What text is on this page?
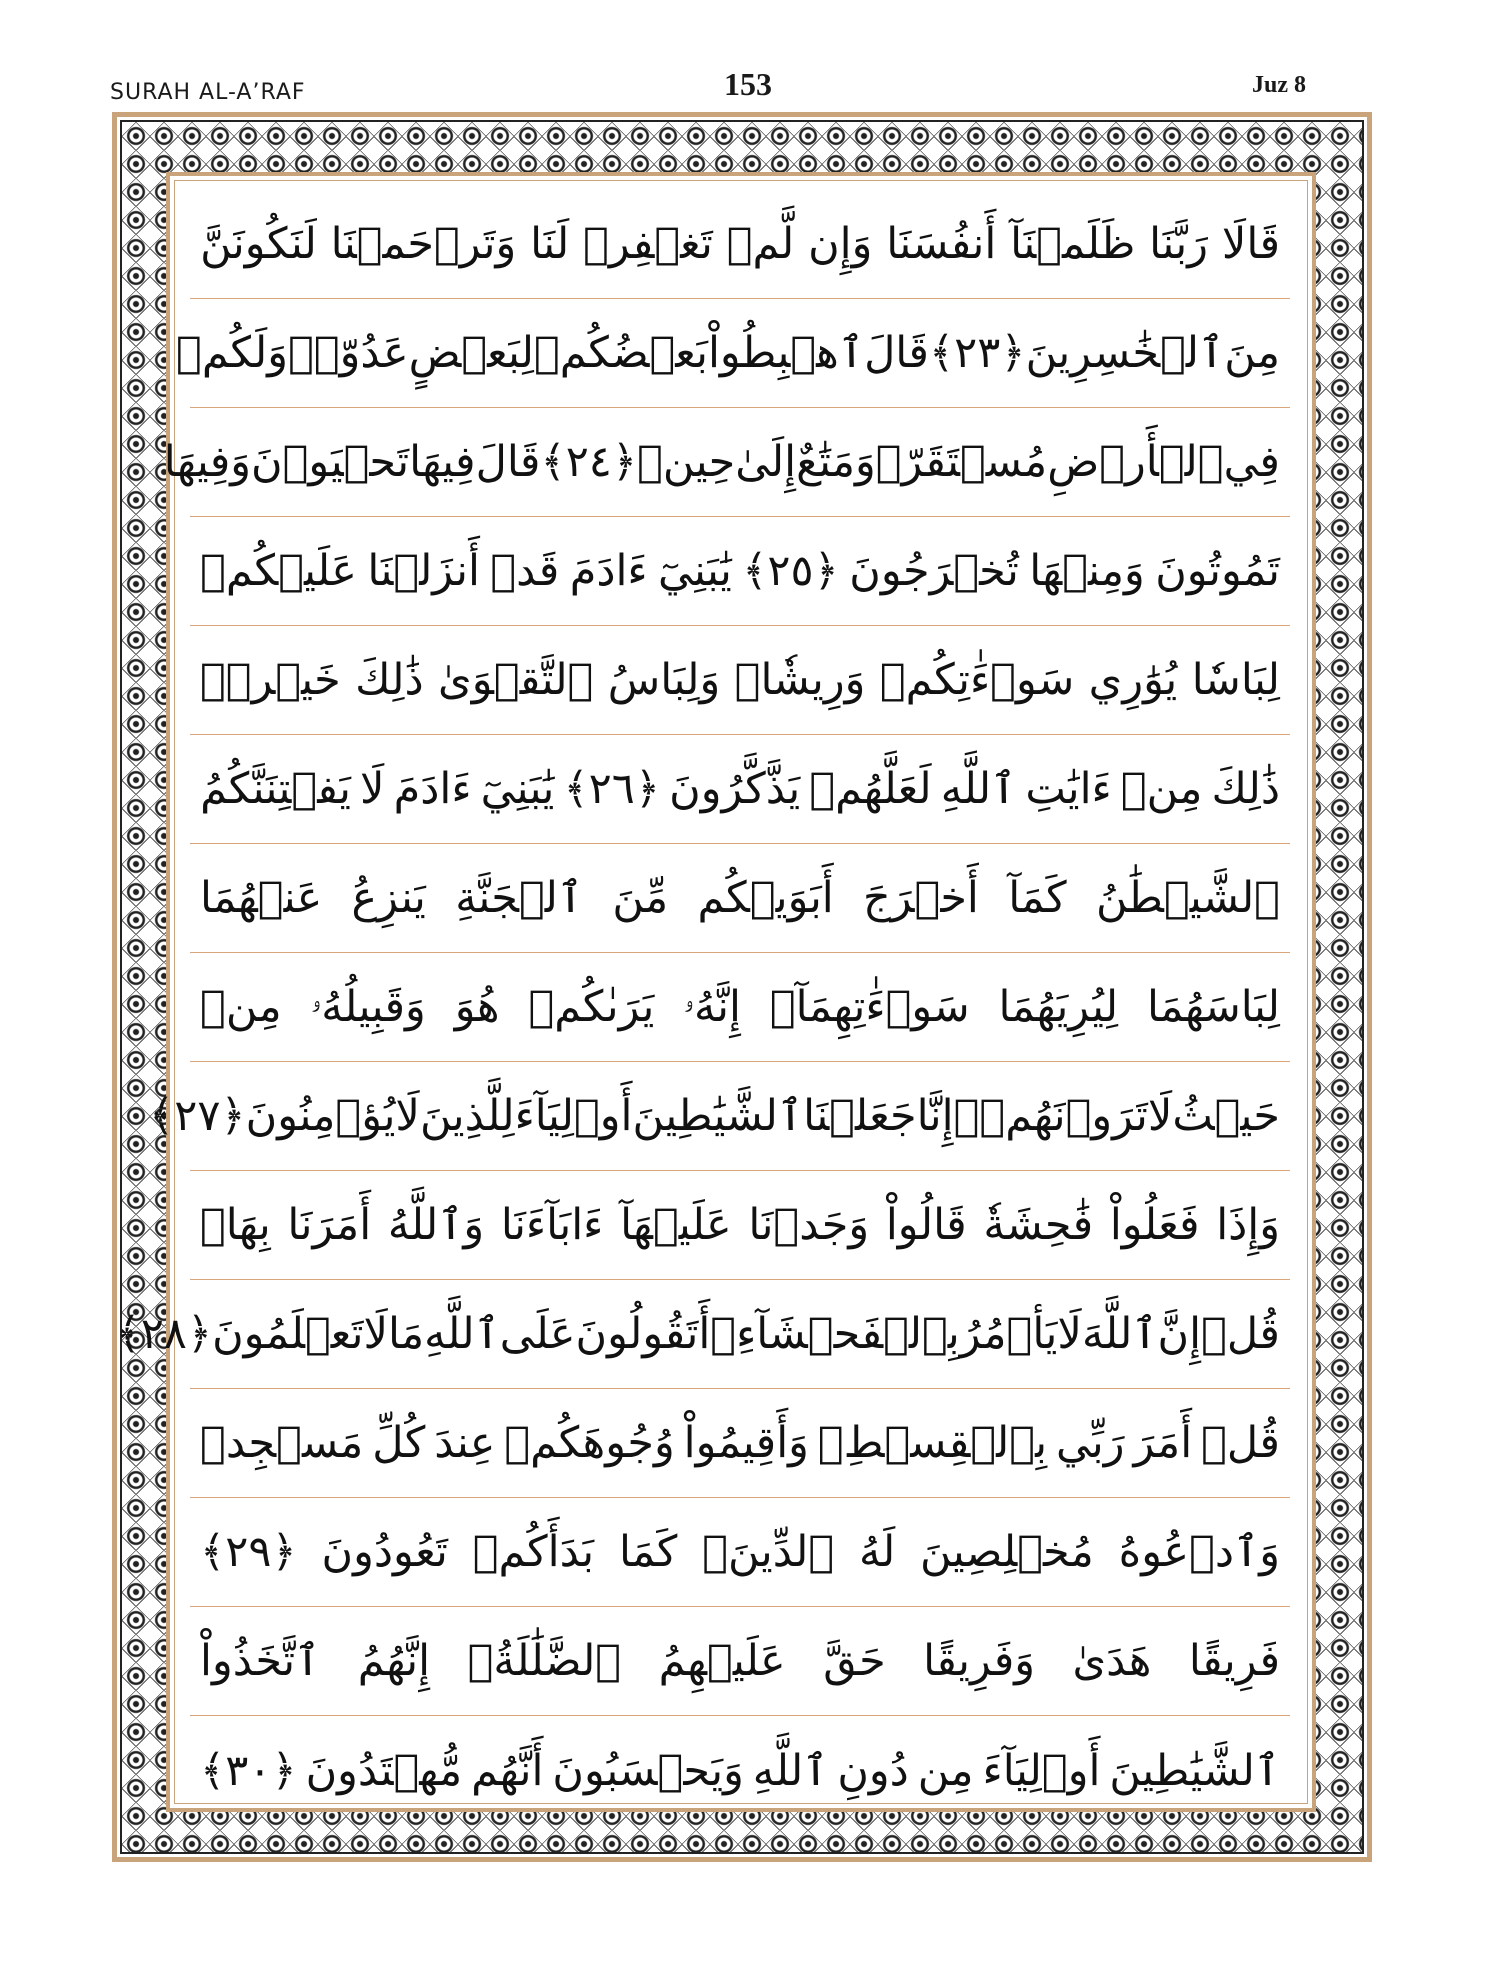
SURAH AL-A’RAF	153	Juz 8
قَالَا
رَبَّنَا
ظَلَمۡنَآ
أَنفُسَنَا
وَإِن
لَّمۡ
تَغۡفِرۡ
لَنَا
وَتَرۡحَمۡنَا
لَنَكُونَنَّ
مِنَ
ٱلۡخَٰسِرِينَ
﴿٢٣﴾
قَالَ
ٱهۡبِطُواْ
بَعۡضُكُمۡ
لِبَعۡضٍ
عَدُوّٞۖ
وَلَكُمۡ
فِي
ٱلۡأَرۡضِ
مُسۡتَقَرّٞ
وَمَتَٰعٌ
إِلَىٰ
حِينٖ
﴿٢٤﴾
قَالَ
فِيهَا
تَحۡيَوۡنَ
وَفِيهَا
تَمُوتُونَ
وَمِنۡهَا
تُخۡرَجُونَ
﴿٢٥﴾
يَٰبَنِيٓ
ءَادَمَ
قَدۡ
أَنزَلۡنَا
عَلَيۡكُمۡ
لِبَاسٗا
يُوَٰرِي
سَوۡءَٰتِكُمۡ
وَرِيشٗاۖ
وَلِبَاسُ
ٱلتَّقۡوَىٰ
ذَٰلِكَ
خَيۡرٞۚ
ذَٰلِكَ
مِنۡ
ءَايَٰتِ
ٱللَّهِ
لَعَلَّهُمۡ
يَذَّكَّرُونَ
﴿٢٦﴾
يَٰبَنِيٓ
ءَادَمَ
لَا
يَفۡتِنَنَّكُمُ
ٱلشَّيۡطَٰنُ
كَمَآ
أَخۡرَجَ
أَبَوَيۡكُم
مِّنَ
ٱلۡجَنَّةِ
يَنزِعُ
عَنۡهُمَا
لِبَاسَهُمَا
لِيُرِيَهُمَا
سَوۡءَٰتِهِمَآۚ
إِنَّهُۥ
يَرَىٰكُمۡ
هُوَ
وَقَبِيلُهُۥ
مِنۡ
حَيۡثُ
لَا
تَرَوۡنَهُمۡۗ
إِنَّا
جَعَلۡنَا
ٱلشَّيَٰطِينَ
أَوۡلِيَآءَ
لِلَّذِينَ
لَا
يُؤۡمِنُونَ
﴿٢٧﴾
وَإِذَا
فَعَلُواْ
فَٰحِشَةٗ
قَالُواْ
وَجَدۡنَا
عَلَيۡهَآ
ءَابَآءَنَا
وَٱللَّهُ
أَمَرَنَا
بِهَاۗ
قُلۡ
إِنَّ
ٱللَّهَ
لَا
يَأۡمُرُ
بِٱلۡفَحۡشَآءِۖ
أَتَقُولُونَ
عَلَى
ٱللَّهِ
مَا
لَا
تَعۡلَمُونَ
﴿٢٨﴾
قُلۡ
أَمَرَ
رَبِّي
بِٱلۡقِسۡطِۖ
وَأَقِيمُواْ
وُجُوهَكُمۡ
عِندَ
كُلِّ
مَسۡجِدٖ
وَٱدۡعُوهُ
مُخۡلِصِينَ
لَهُ
ٱلدِّينَۚ
كَمَا
بَدَأَكُمۡ
تَعُودُونَ
﴿٢٩﴾
فَرِيقًا
هَدَىٰ
وَفَرِيقًا
حَقَّ
عَلَيۡهِمُ
ٱلضَّلَٰلَةُۚ
إِنَّهُمُ
ٱتَّخَذُواْ
ٱلشَّيَٰطِينَ
أَوۡلِيَآءَ
مِن
دُونِ
ٱللَّهِ
وَيَحۡسَبُونَ
أَنَّهُم
مُّهۡتَدُونَ
﴿٣٠﴾
